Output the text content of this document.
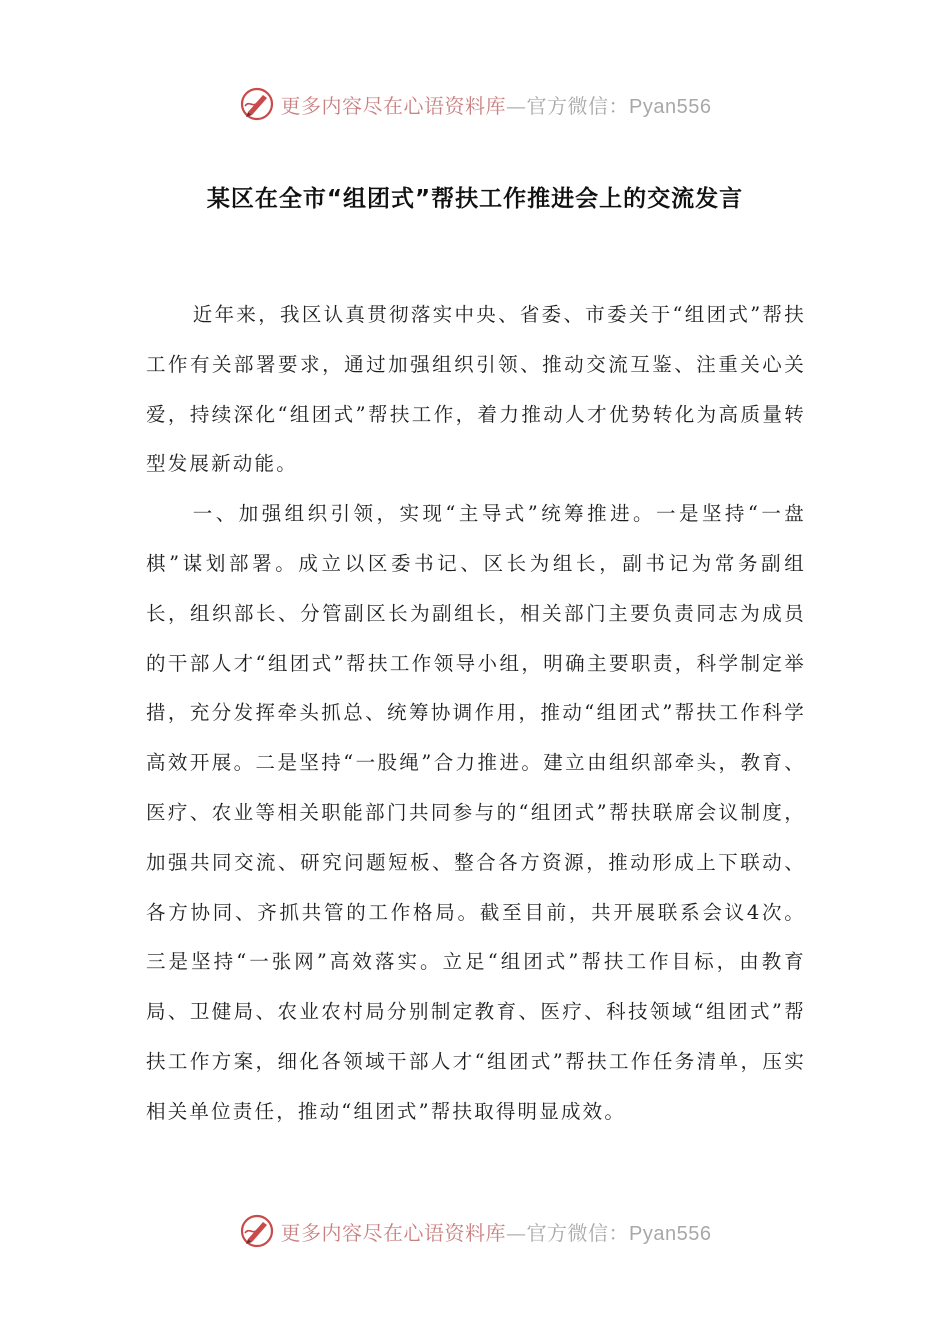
更多内容尽在心语资料库—官方微信：Pyan556
某区在全市“组团式”帮扶工作推进会上的交流发言

近年来，我区认真贯彻落实中央、省委、市委关于“组团式”帮扶工作有关部署要求，通过加强组织引领、推动交流互鉴、注重关心关爱，持续深化“组团式”帮扶工作，着力推动人才优势转化为高质量转型发展新动能。

一、加强组织引领，实现“主导式”统筹推进。一是坚持“一盘棋”谋划部署。成立以区委书记、区长为组长，副书记为常务副组长，组织部长、分管副区长为副组长，相关部门主要负责同志为成员的干部人才“组团式”帮扶工作领导小组，明确主要职责，科学制定举措，充分发挥牵头抓总、统筹协调作用，推动“组团式”帮扶工作科学高效开展。二是坚持“一股绳”合力推进。建立由组织部牵头，教育、医疗、农业等相关职能部门共同参与的“组团式”帮扶联席会议制度，加强共同交流、研究问题短板、整合各方资源，推动形成上下联动、各方协同、齐抓共管的工作格局。截至目前，共开展联系会议4次。三是坚持“一张网”高效落实。立足“组团式”帮扶工作目标，由教育局、卫健局、农业农村局分别制定教育、医疗、科技领域“组团式”帮扶工作方案，细化各领域干部人才“组团式”帮扶工作任务清单，压实相关单位责任，推动“组团式”帮扶取得明显成效。

更多内容尽在心语资料库—官方微信：Pyan556
